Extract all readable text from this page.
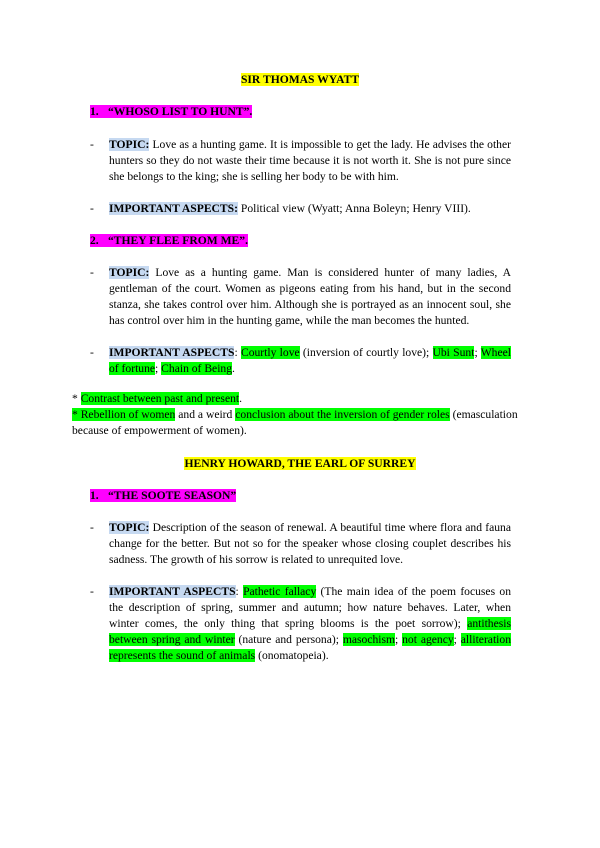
SIR THOMAS WYATT
1. “WHOSO LIST TO HUNT”.
- TOPIC: Love as a hunting game. It is impossible to get the lady. He advises the other hunters so they do not waste their time because it is not worth it. She is not pure since she belongs to the king; she is selling her body to be with him.
- IMPORTANT ASPECTS: Political view (Wyatt; Anna Boleyn; Henry VIII).
2. “THEY FLEE FROM ME”.
- TOPIC: Love as a hunting game. Man is considered hunter of many ladies, A gentleman of the court. Women as pigeons eating from his hand, but in the second stanza, she takes control over him. Although she is portrayed as an innocent soul, she has control over him in the hunting game, while the man becomes the hunted.
- IMPORTANT ASPECTS: Courtly love (inversion of courtly love); Ubi Sunt; Wheel of fortune; Chain of Being.
* Contrast between past and present.
* Rebellion of women and a weird conclusion about the inversion of gender roles (emasculation because of empowerment of women).
HENRY HOWARD, THE EARL OF SURREY
1. “THE SOOTE SEASON”
- TOPIC: Description of the season of renewal. A beautiful time where flora and fauna change for the better. But not so for the speaker whose closing couplet describes his sadness. The growth of his sorrow is related to unrequited love.
- IMPORTANT ASPECTS: Pathetic fallacy (The main idea of the poem focuses on the description of spring, summer and autumn; how nature behaves. Later, when winter comes, the only thing that spring blooms is the poet sorrow); antithesis between spring and winter (nature and persona); masochism; not agency; alliteration represents the sound of animals (onomatopeia).
